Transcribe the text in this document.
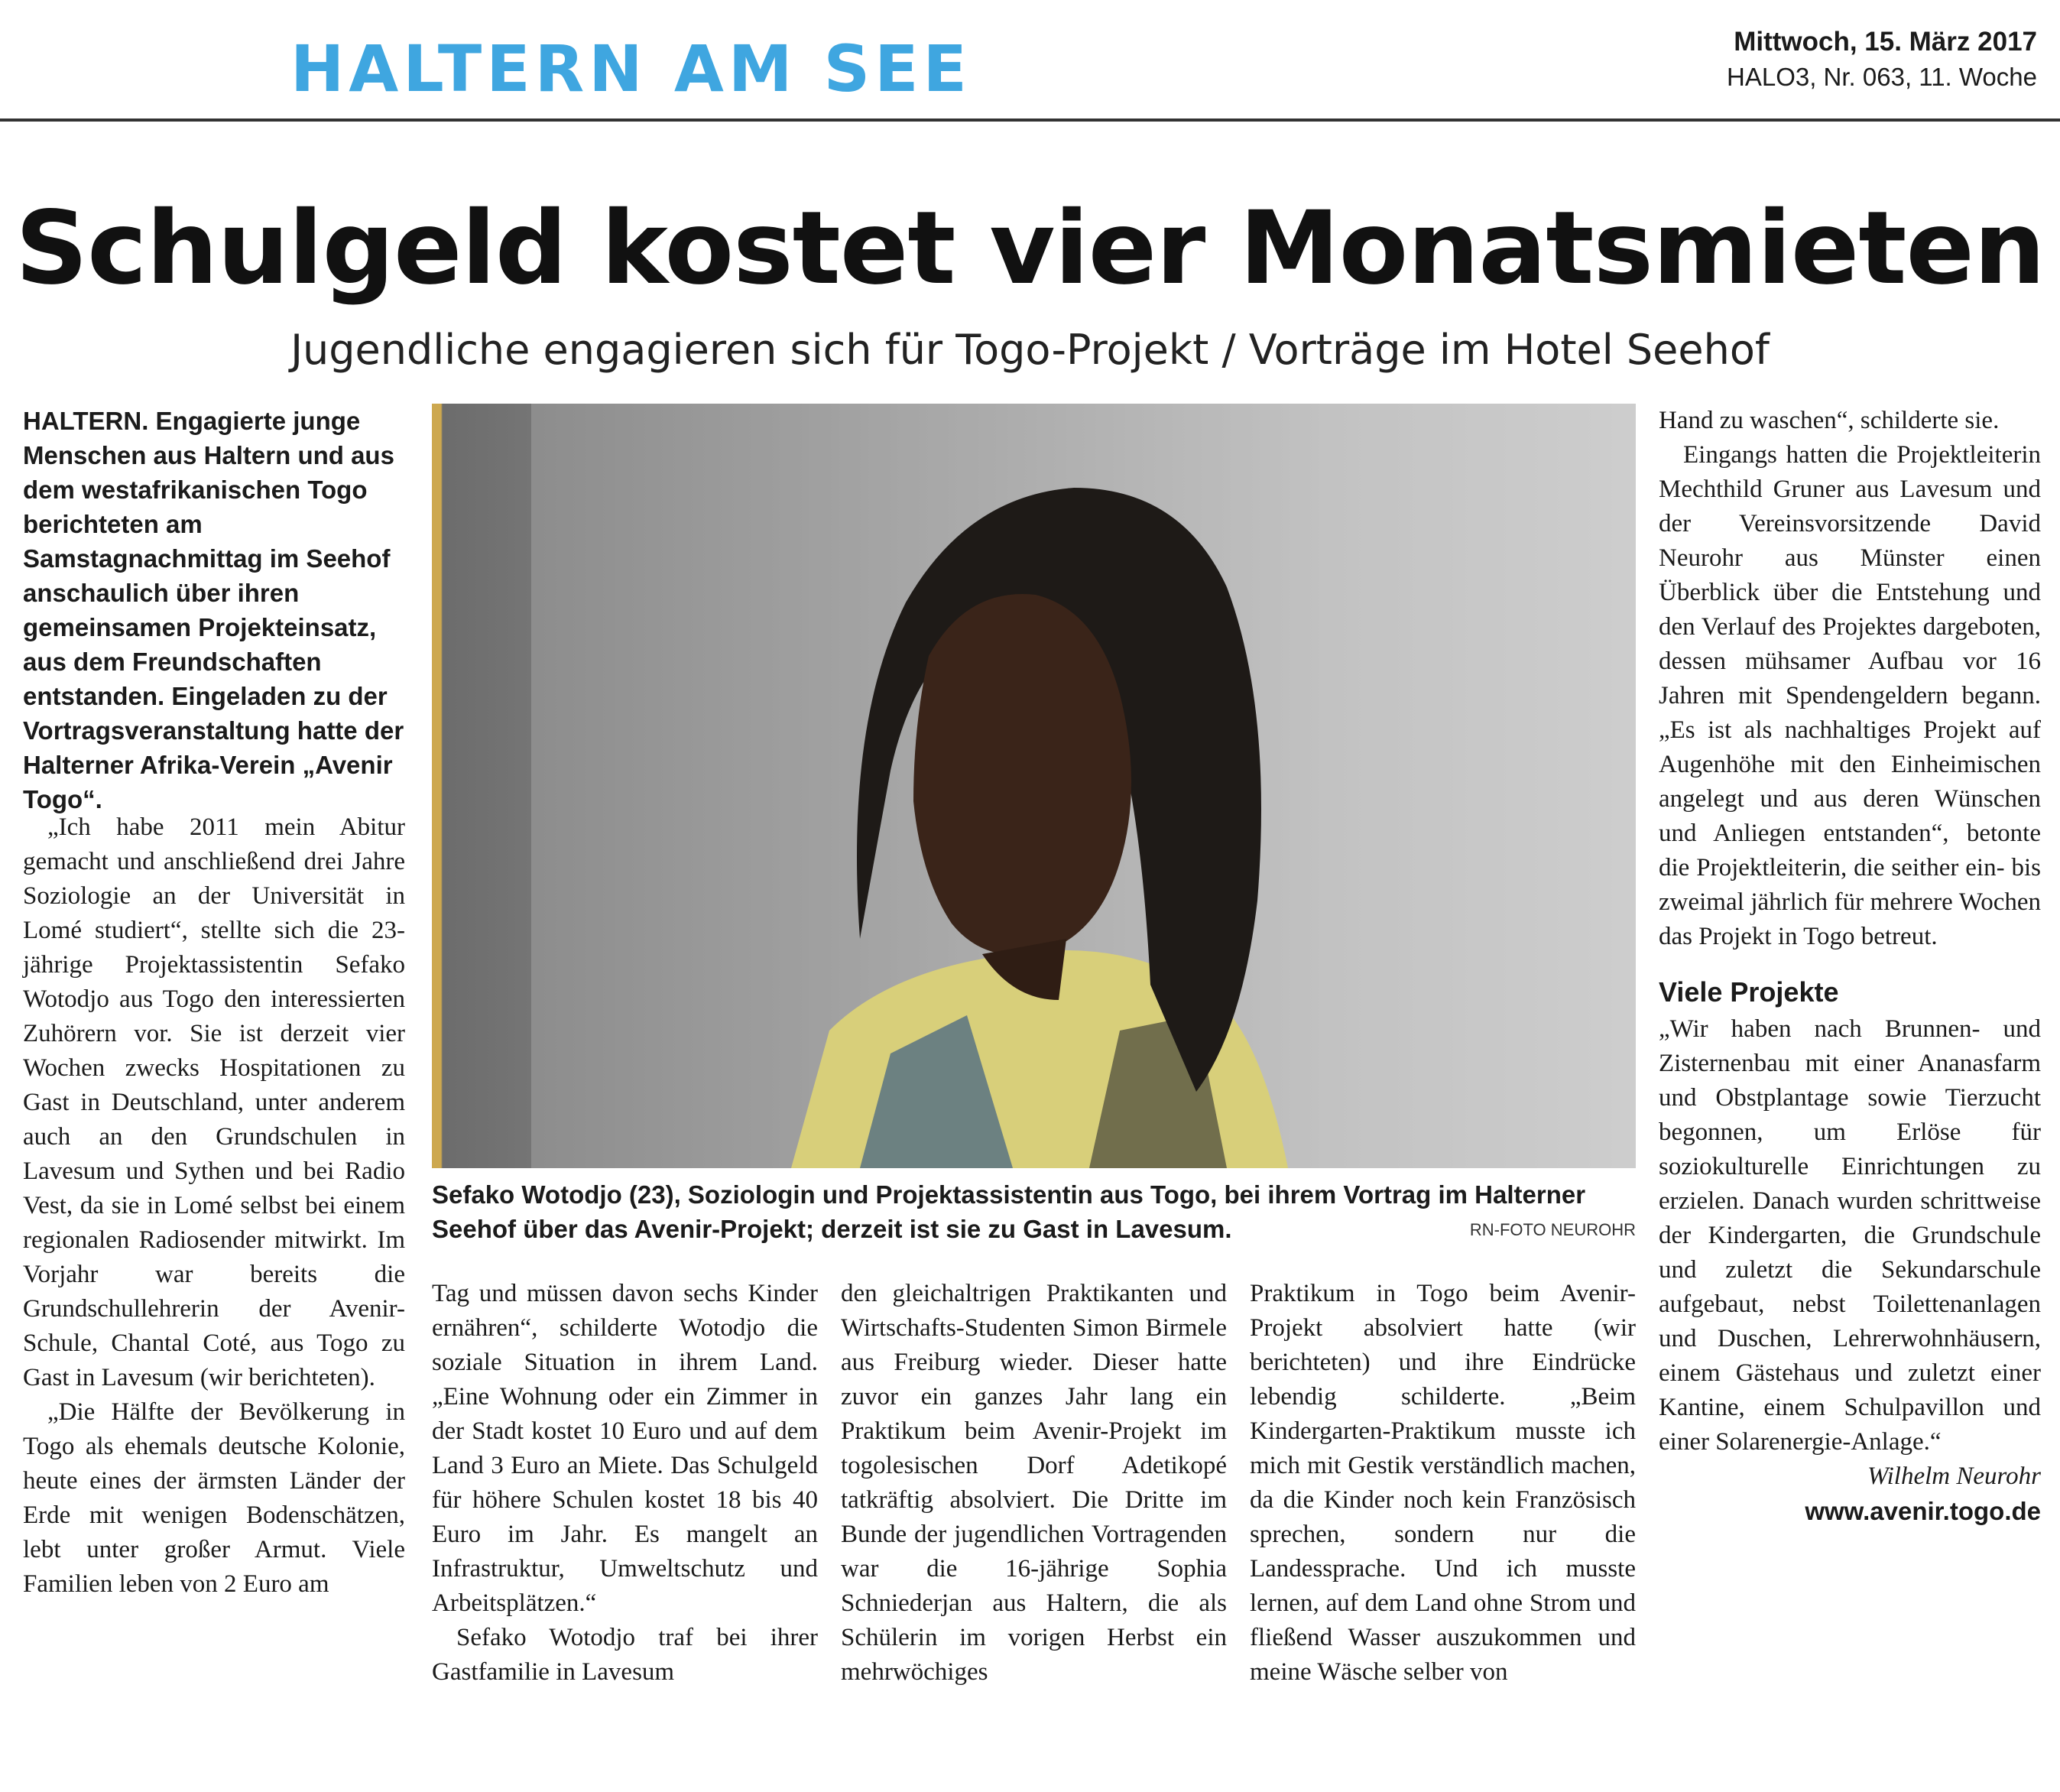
HALTERN AM SEE	Mittwoch, 15. März 2017
HALO3, Nr. 063, 11. Woche
Schulgeld kostet vier Monatsmieten
Jugendliche engagieren sich für Togo-Projekt / Vorträge im Hotel Seehof
HALTERN. Engagierte junge Menschen aus Haltern und aus dem westafrikanischen Togo berichteten am Samstagnachmittag im Seehof anschaulich über ihren gemeinsamen Projekteinsatz, aus dem Freundschaften entstanden. Eingeladen zu der Vortragsveranstaltung hatte der Halterner Afrika-Verein „Avenir Togo“.

„Ich habe 2011 mein Abitur gemacht und anschließend drei Jahre Soziologie an der Universität in Lomé studiert“, stellte sich die 23-jährige Projektassistentin Sefako Wotodjo aus Togo den interessierten Zuhörern vor. Sie ist derzeit vier Wochen zwecks Hospitationen zu Gast in Deutschland, unter anderem auch an den Grundschulen in Lavesum und Sythen und bei Radio Vest, da sie in Lomé selbst bei einem regionalen Radiosender mitwirkt. Im Vorjahr war bereits die Grundschullehrerin der Avenir-Schule, Chantal Coté, aus Togo zu Gast in Lavesum (wir berichteten).

„Die Hälfte der Bevölkerung in Togo als ehemals deutsche Kolonie, heute eines der ärmsten Länder der Erde mit wenigen Bodenschätzen, lebt unter großer Armut. Viele Familien leben von 2 Euro am

Sefako Wotodjo (23), Soziologin und Projektassistentin aus Togo, bei ihrem Vortrag im Halterner Seehof über das Avenir-Projekt; derzeit ist sie zu Gast in Lavesum.	RN-FOTO NEUROHR

Tag und müssen davon sechs Kinder ernähren“, schilderte Wotodjo die soziale Situation in ihrem Land. „Eine Wohnung oder ein Zimmer in der Stadt kostet 10 Euro und auf dem Land 3 Euro an Miete. Das Schulgeld für höhere Schulen kostet 18 bis 40 Euro im Jahr. Es mangelt an Infrastruktur, Umweltschutz und Arbeitsplätzen.“

Sefako Wotodjo traf bei ihrer Gastfamilie in Lavesum

den gleichaltrigen Praktikanten und Wirtschafts-Studenten Simon Birmele aus Freiburg wieder. Dieser hatte zuvor ein ganzes Jahr lang ein Praktikum beim Avenir-Projekt im togolesischen Dorf Adetikopé tatkräftig absolviert. Die Dritte im Bunde der jugendlichen Vortragenden war die 16-jährige Sophia Schniederjan aus Haltern, die als Schülerin im vorigen Herbst ein mehrwöchiges

Praktikum in Togo beim Avenir-Projekt absolviert hatte (wir berichteten) und ihre Eindrücke lebendig schilderte. „Beim Kindergarten-Praktikum musste ich mich mit Gestik verständlich machen, da die Kinder noch kein Französisch sprechen, sondern nur die Landessprache. Und ich musste lernen, auf dem Land ohne Strom und fließend Wasser auszukommen und meine Wäsche selber von

Hand zu waschen“, schilderte sie.

Eingangs hatten die Projektleiterin Mechthild Gruner aus Lavesum und der Vereinsvorsitzende David Neurohr aus Münster einen Überblick über die Entstehung und den Verlauf des Projektes dargeboten, dessen mühsamer Aufbau vor 16 Jahren mit Spendengeldern begann. „Es ist als nachhaltiges Projekt auf Augenhöhe mit den Einheimischen angelegt und aus deren Wünschen und Anliegen entstanden“, betonte die Projektleiterin, die seither ein- bis zweimal jährlich für mehrere Wochen das Projekt in Togo betreut.

Viele Projekte

„Wir haben nach Brunnen- und Zisternenbau mit einer Ananasfarm und Obstplantage sowie Tierzucht begonnen, um Erlöse für soziokulturelle Einrichtungen zu erzielen. Danach wurden schrittweise der Kindergarten, die Grundschule und zuletzt die Sekundarschule aufgebaut, nebst Toilettenanlagen und Duschen, Lehrerwohnhäusern, einem Gästehaus und zuletzt einer Kantine, einem Schulpavillon und einer Solarenergie-Anlage.“

Wilhelm Neurohr
www.avenir.togo.de
